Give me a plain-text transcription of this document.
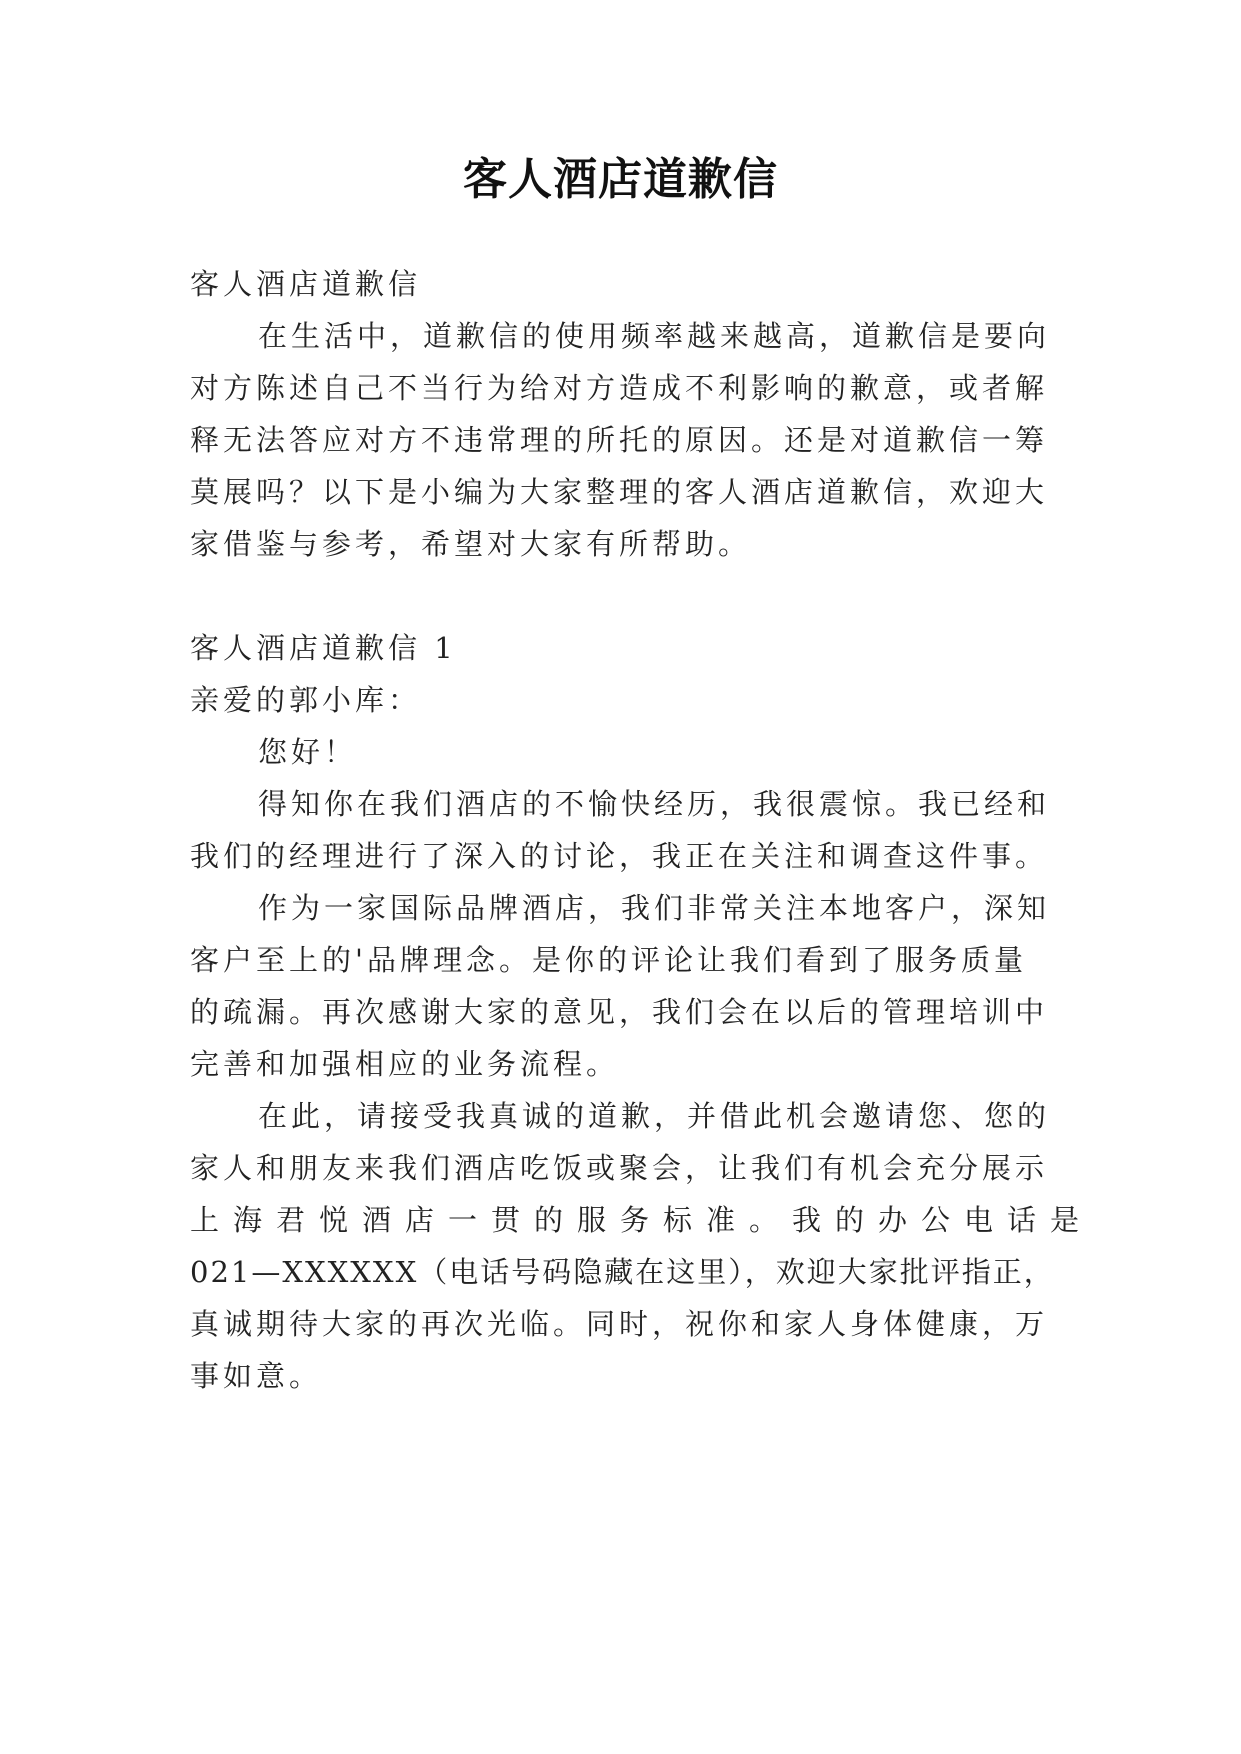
客人酒店道歉信

客人酒店道歉信

在生活中，道歉信的使用频率越来越高，道歉信是要向

对方陈述自己不当行为给对方造成不利影响的歉意，或者解

释无法答应对方不违常理的所托的原因。还是对道歉信一筹

莫展吗？以下是小编为大家整理的客人酒店道歉信，欢迎大

家借鉴与参考，希望对大家有所帮助。

客人酒店道歉信 1

亲爱的郭小库：

您好！

得知你在我们酒店的不愉快经历，我很震惊。我已经和

我们的经理进行了深入的讨论，我正在关注和调查这件事。

作为一家国际品牌酒店，我们非常关注本地客户，深知

客户至上的'品牌理念。是你的评论让我们看到了服务质量

的疏漏。再次感谢大家的意见，我们会在以后的管理培训中

完善和加强相应的业务流程。

在此，请接受我真诚的道歉，并借此机会邀请您、您的

家人和朋友来我们酒店吃饭或聚会，让我们有机会充分展示

上海君悦酒店一贯的服务标准。我的办公电话是

021—XXXXXX（电话号码隐藏在这里），欢迎大家批评指正，

真诚期待大家的再次光临。同时，祝你和家人身体健康，万

事如意。
